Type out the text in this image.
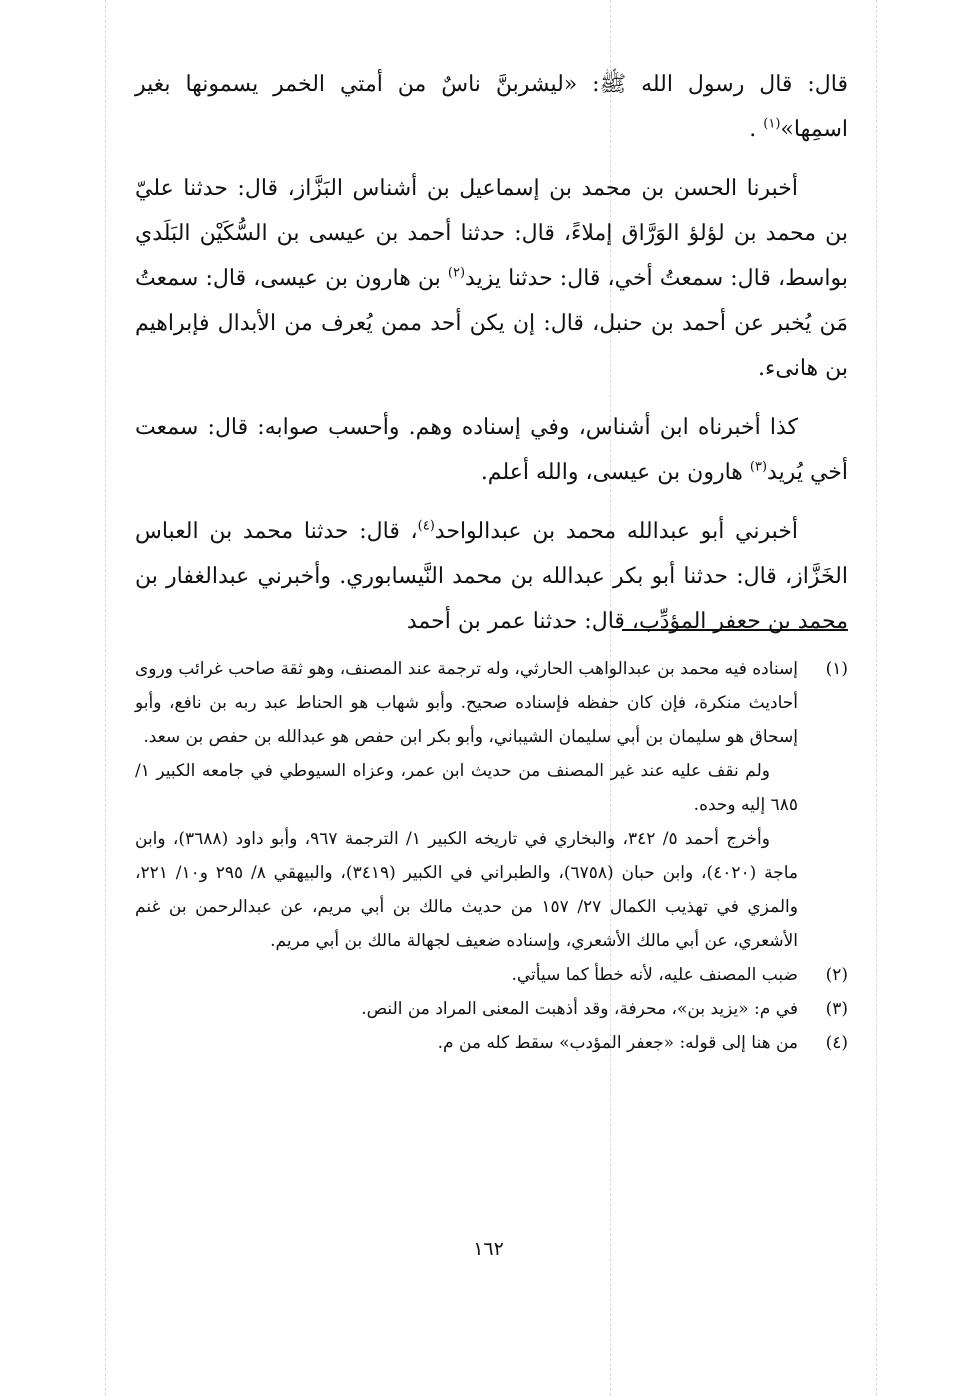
قال: قال رسول الله ﷺ: «ليشربنَّ ناسٌ من أمتي الخمر يسمونها بغير اسمِها»$^{(١)}$ .

أخبرنا الحسن بن محمد بن إسماعيل بن أشناس البَزَّاز، قال: حدثنا عليّ بن محمد بن لؤلؤ الوَرَّاق إملاءً، قال: حدثنا أحمد بن عيسى بن السُّكَيْن البَلَدي بواسط، قال: سمعتُ أخي، قال: حدثنا يزيد$^{(٢)}$ بن هارون بن عيسى، قال: سمعتُ مَن يُخبر عن أحمد بن حنبل، قال: إن يكن أحد ممن يُعرف من الأبدال فإبراهيم بن هانىء.

كذا أخبرناه ابن أشناس، وفي إسناده وهم. وأحسب صوابه: قال: سمعت أخي يُريد$^{(٣)}$ هارون بن عيسى، والله أعلم.

أخبرني أبو عبدالله محمد بن عبدالواحد$^{(٤)}$، قال: حدثنا محمد بن العباس الخَزَّاز، قال: حدثنا أبو بكر عبدالله بن محمد النَّيسابوري. وأخبرني عبدالغفار بن محمد بن جعفر المؤدِّب، قال: حدثنا عمر بن أحمد

(١)

إسناده فيه محمد بن عبدالواهب الحارثي، وله ترجمة عند المصنف، وهو ثقة صاحب غرائب وروى أحاديث منكرة، فإن كان حفظه فإسناده صحيح. وأبو شهاب هو الحناط عبد ربه بن نافع، وأبو إسحاق هو سليمان بن أبي سليمان الشيباني، وأبو بكر ابن حفص هو عبدالله بن حفص بن سعد.

ولم نقف عليه عند غير المصنف من حديث ابن عمر، وعزاه السيوطي في جامعه الكبير ١/ ٦٨٥ إليه وحده.

وأخرج أحمد ٥/ ٣٤٢، والبخاري في تاريخه الكبير ١/ الترجمة ٩٦٧، وأبو داود (٣٦٨٨)، وابن ماجة (٤٠٢٠)، وابن حبان (٦٧٥٨)، والطبراني في الكبير (٣٤١٩)، والبيهقي ٨/ ٢٩٥ و١٠/ ٢٢١، والمزي في تهذيب الكمال ٢٧/ ١٥٧ من حديث مالك بن أبي مريم، عن عبدالرحمن بن غنم الأشعري، عن أبي مالك الأشعري، وإسناده ضعيف لجهالة مالك بن أبي مريم.

(٢)

ضبب المصنف عليه، لأنه خطأ كما سيأتي.

(٣)

في م: «يزيد بن»، محرفة، وقد أذهبت المعنى المراد من النص.

(٤)

من هنا إلى قوله: «جعفر المؤدب» سقط كله من م.

١٦٢
